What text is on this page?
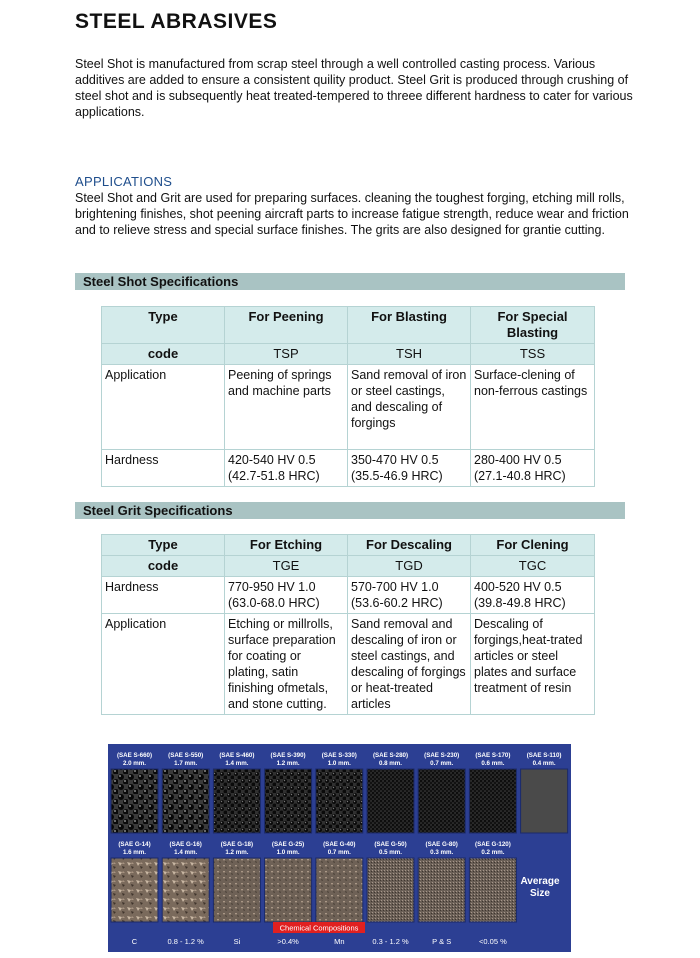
STEEL ABRASIVES

Steel Shot is manufactured from scrap steel through a well controlled casting process. Various additives are added to ensure a consistent quility product. Steel Grit is produced through crushing of steel shot and is subsequently heat treated-tempered to threee different hardness to cater for various applications.

APPLICATIONS

Steel Shot and Grit are used for preparing surfaces. cleaning the toughest forging, etching mill rolls, brightening finishes, shot peening aircraft parts to increase fatigue strength, reduce wear and friction and to relieve stress and special surface finishes. The grits are also designed for grantie cutting.

Steel Shot Specifications
Type	For Peening	For Blasting	For Special Blasting
code	TSP	TSH	TSS
Application	Peening of springs and machine parts	Sand removal of iron or steel castings, and descaling of forgings	Surface-clening of non-ferrous castings
Hardness	420-540 HV 0.5 (42.7-51.8 HRC)	350-470 HV 0.5 (35.5-46.9 HRC)	280-400 HV 0.5 (27.1-40.8 HRC)
Steel Grit Specifications
Type	For Etching	For Descaling	For Clening
code	TGE	TGD	TGC
Hardness	770-950 HV 1.0 (63.0-68.0 HRC)	570-700 HV 1.0 (53.6-60.2 HRC)	400-520 HV 0.5 (39.8-49.8 HRC)
Application	Etching or millrolls, surface preparation for coating or plating, satin finishing ofmetals, and stone cutting.	Sand removal and descaling of iron or steel castings, and descaling of forgings or heat-treated articles	Descaling of forgings,heat-trated articles or steel plates and surface treatment of resin
(SAE S-660)
2.0 mm.
(SAE S-550)
1.7 mm.
(SAE S-460)
1.4 mm.
(SAE S-390)
1.2 mm.
(SAE S-330)
1.0 mm.
(SAE S-280)
0.8 mm.
(SAE S-230)
0.7 mm.
(SAE S-170)
0.6 mm.
(SAE S-110)
0.4 mm.
(SAE G-14)
1.6 mm.
(SAE G-16)
1.4 mm.
(SAE G-18)
1.2 mm.
(SAE G-25)
1.0 mm.
(SAE G-40)
0.7 mm.
(SAE G-50)
0.5 mm.
(SAE G-80)
0.3 mm.
(SAE G-120)
0.2 mm.
Average
Size
Chemical Compositions
C	0.8 - 1.2 %	Si	>0.4%	Mn	0.3 - 1.2 %	P & S	<0.05 %
